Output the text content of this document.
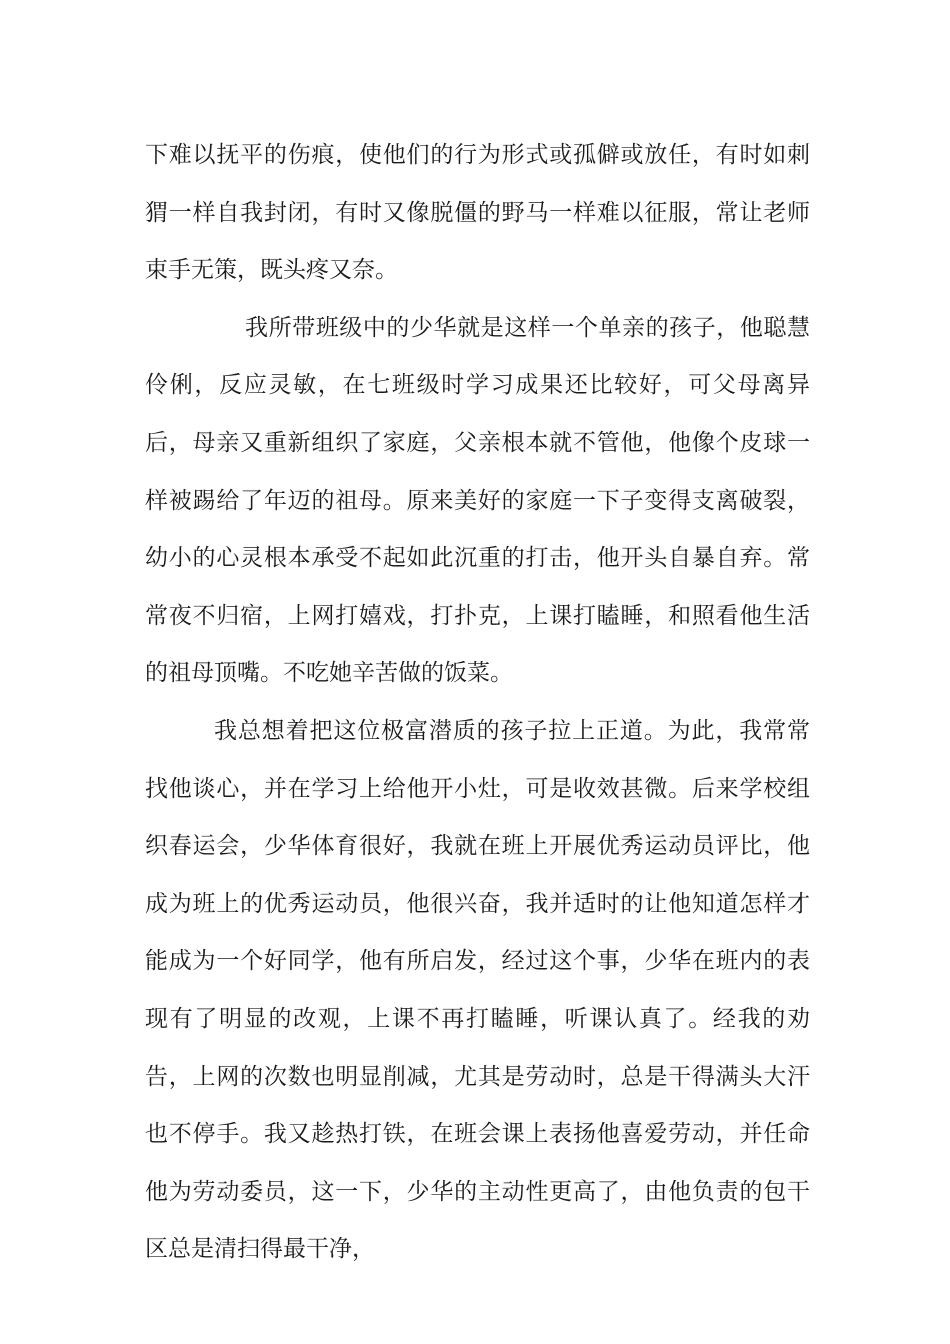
下难以抚平的伤痕，使他们的行为形式或孤僻或放任，有时如刺猬一样自我封闭，有时又像脱僵的野马一样难以征服，常让老师束手无策，既头疼又奈。

我所带班级中的少华就是这样一个单亲的孩子，他聪慧伶俐，反应灵敏，在七班级时学习成果还比较好，可父母离异后，母亲又重新组织了家庭，父亲根本就不管他，他像个皮球一样被踢给了年迈的祖母。原来美好的家庭一下子变得支离破裂，幼小的心灵根本承受不起如此沉重的打击，他开头自暴自弃。常常夜不归宿，上网打嬉戏，打扑克，上课打瞌睡，和照看他生活的祖母顶嘴。不吃她辛苦做的饭菜。

我总想着把这位极富潜质的孩子拉上正道。为此，我常常找他谈心，并在学习上给他开小灶，可是收效甚微。后来学校组织春运会，少华体育很好，我就在班上开展优秀运动员评比，他成为班上的优秀运动员，他很兴奋，我并适时的让他知道怎样才能成为一个好同学，他有所启发，经过这个事，少华在班内的表现有了明显的改观，上课不再打瞌睡，听课认真了。经我的劝告，上网的次数也明显削减，尤其是劳动时，总是干得满头大汗也不停手。我又趁热打铁，在班会课上表扬他喜爱劳动，并任命他为劳动委员，这一下，少华的主动性更高了，由他负责的包干区总是清扫得最干净，
